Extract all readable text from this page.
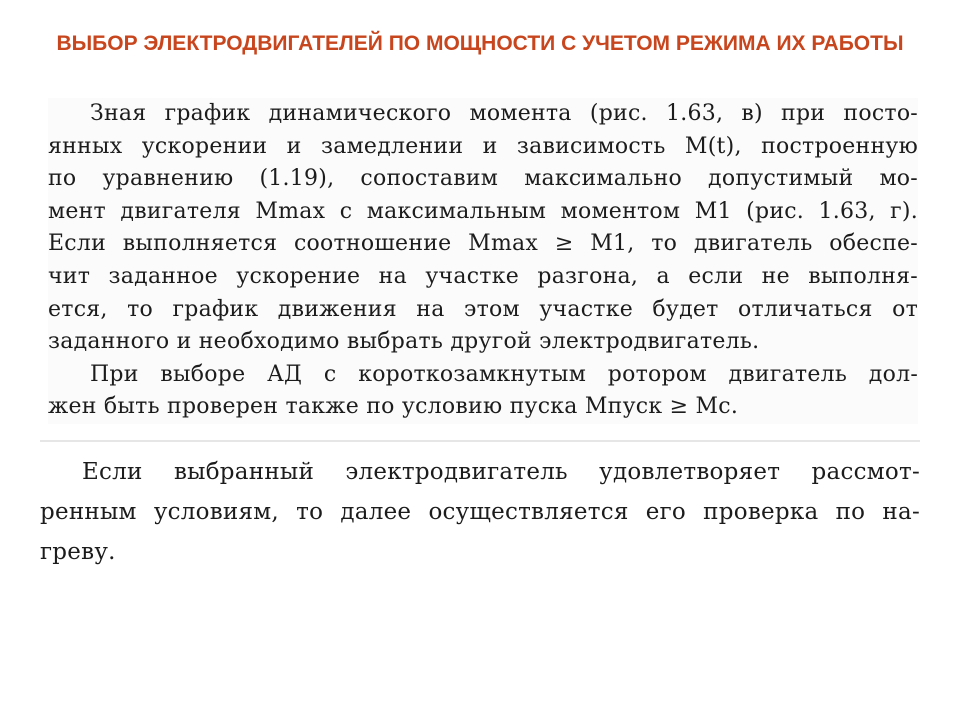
ВЫБОР ЭЛЕКТРОДВИГАТЕЛЕЙ ПО МОЩНОСТИ С УЧЕТОМ РЕЖИМА ИХ РАБОТЫ
Зная график динамического момента (рис. 1.63, в) при посто-
янных ускорении и замедлении и зависимость M(t), построенную
по уравнению (1.19), сопоставим максимально допустимый мо-
мент двигателя Mmax с максимальным моментом M1 (рис. 1.63, г).
Если выполняется соотношение Mmax ≥ M1, то двигатель обеспе-
чит заданное ускорение на участке разгона, а если не выполня-
ется, то график движения на этом участке будет отличаться от
заданного и необходимо выбрать другой электродвигатель.
При выборе АД с короткозамкнутым ротором двигатель дол-
жен быть проверен также по условию пуска Mпуск ≥ Mс.
Если выбранный электродвигатель удовлетворяет рассмот-
ренным условиям, то далее осуществляется его проверка по на-
греву.
